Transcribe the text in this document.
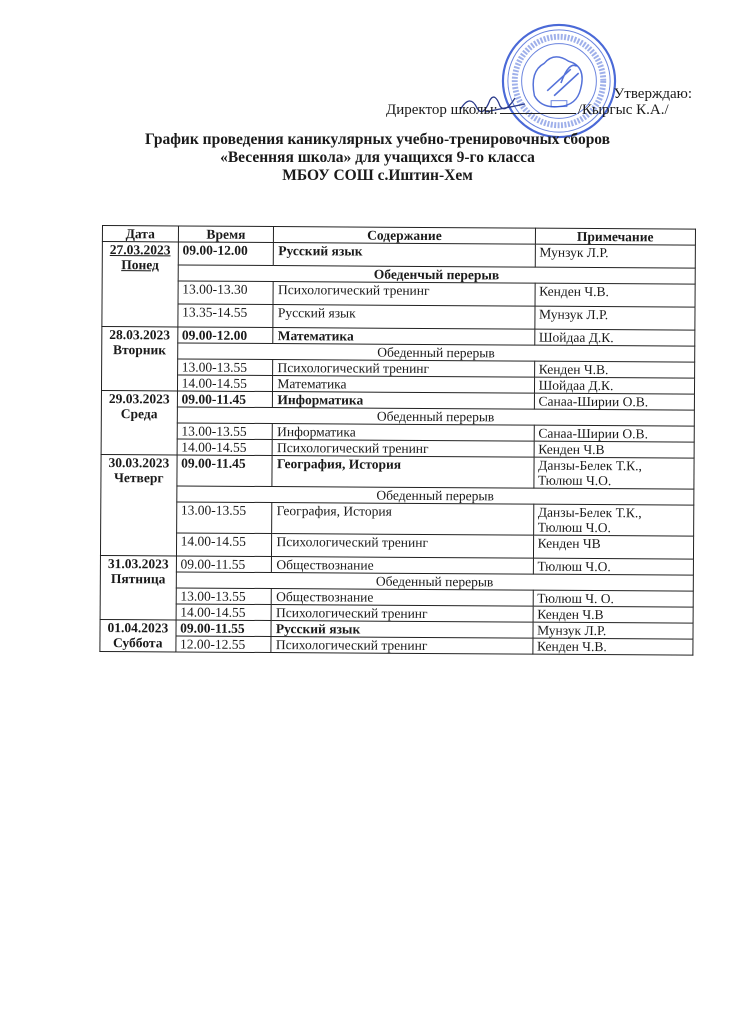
Утверждаю:
Директор школы:	/Кыргыс К.А./
График проведения каникулярных учебно-тренировочных сборов
«Весенняя школа» для учащихся 9-го класса
МБОУ СОШ с.Иштин-Хем
Дата	Время	Содержание	Примечание
27.03.2023
Понед	09.00-12.00	Русский язык	Мунзук Л.Р.
	Обеденчый перерыв		
	13.00-13.30	Психологический тренинг	Кенден Ч.В.
	13.35-14.55	Русский язык	Мунзук Л.Р.
28.03.2023
Вторник	09.00-12.00	Математика	Шойдаа Д.К.
	Обеденный перерыв		
	13.00-13.55	Психологический тренинг	Кенден Ч.В.
	14.00-14.55	Математика	Шойдаа Д.К.
29.03.2023
Среда	09.00-11.45	Информатика	Санаа-Ширии О.В.
	Обеденный перерыв		
	13.00-13.55	Информатика	Санаа-Ширии О.В.
	14.00-14.55	Психологический тренинг	Кенден Ч.В
30.03.2023
Четверг	09.00-11.45	География, История	Данзы-Белек Т.К., Тюлюш Ч.О.
	Обеденный перерыв		
	13.00-13.55	География, История	Данзы-Белек Т.К., Тюлюш Ч.О.
	14.00-14.55	Психологический тренинг	Кенден ЧВ
31.03.2023
Пятница	09.00-11.55	Обществознание	Тюлюш Ч.О.
	Обеденный перерыв		
	13.00-13.55	Обществознание	Тюлюш Ч. О.
	14.00-14.55	Психологический тренинг	Кенден Ч.В
01.04.2023
Суббота	09.00-11.55	Русский язык	Мунзук Л.Р.
	12.00-12.55	Психологический тренинг	Кенден Ч.В.
